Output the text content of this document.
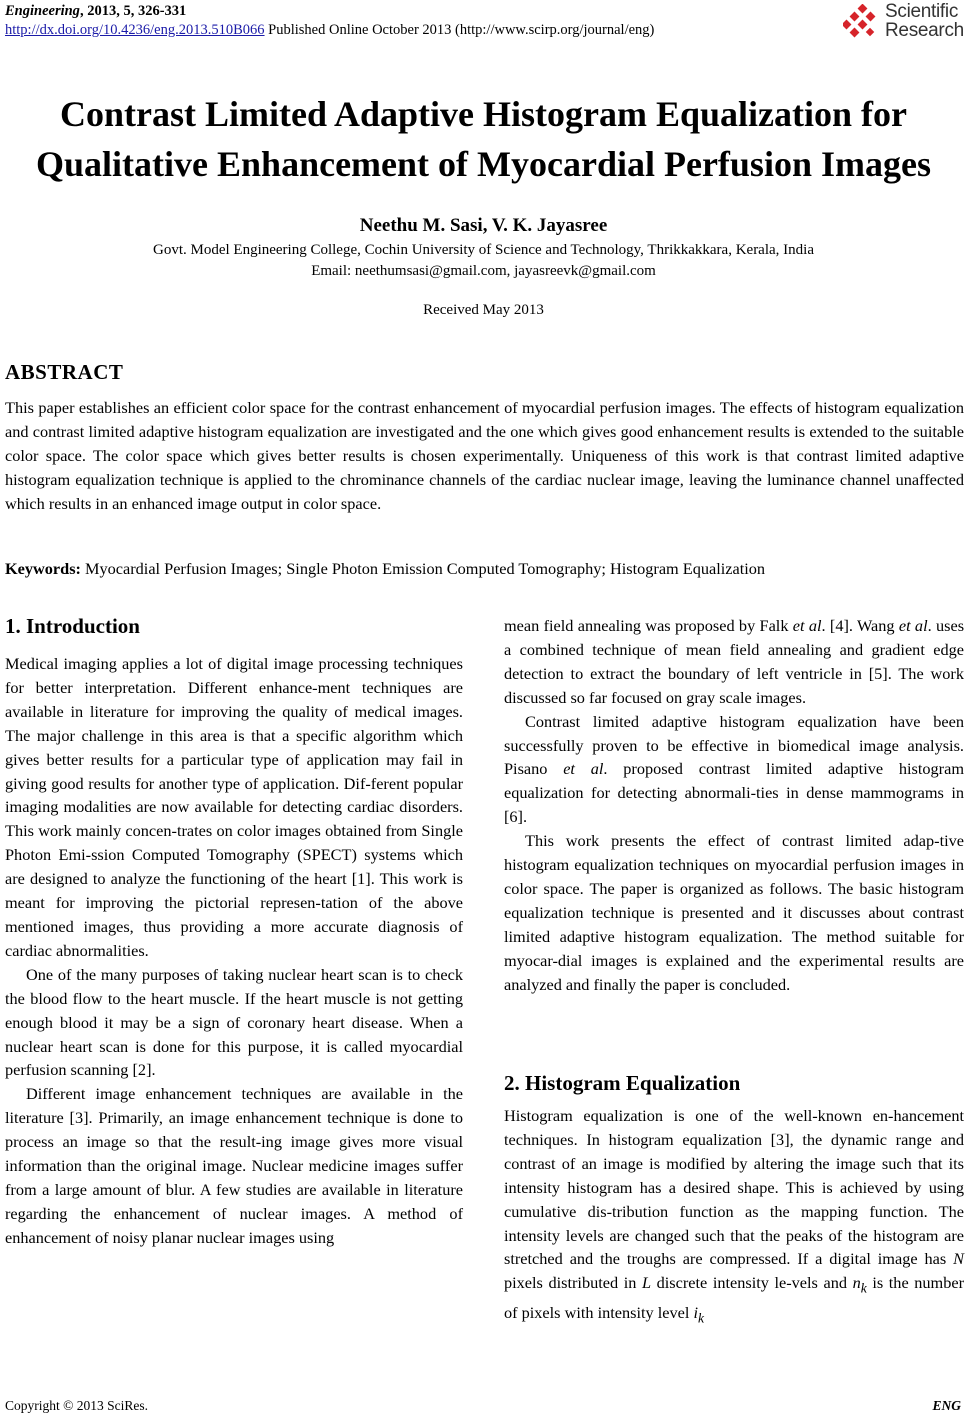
Engineering, 2013, 5, 326-331
http://dx.doi.org/10.4236/eng.2013.510B066 Published Online October 2013 (http://www.scirp.org/journal/eng)
Scientific
Research
Contrast Limited Adaptive Histogram Equalization for
Qualitative Enhancement of Myocardial Perfusion Images
Neethu M. Sasi, V. K. Jayasree
Govt. Model Engineering College, Cochin University of Science and Technology, Thrikkakkara, Kerala, India
Email: neethumsasi@gmail.com, jayasreevk@gmail.com
Received May 2013
ABSTRACT
This paper establishes an efficient color space for the contrast enhancement of myocardial perfusion images. The effects of histogram equalization and contrast limited adaptive histogram equalization are investigated and the one which gives good enhancement results is extended to the suitable color space. The color space which gives better results is chosen experimentally. Uniqueness of this work is that contrast limited adaptive histogram equalization technique is applied to the chrominance channels of the cardiac nuclear image, leaving the luminance channel unaffected which results in an enhanced image output in color space.
Keywords: Myocardial Perfusion Images; Single Photon Emission Computed Tomography; Histogram Equalization
1. Introduction

Medical imaging applies a lot of digital image processing techniques for better interpretation. Different enhance-ment techniques are available in literature for improving the quality of medical images. The major challenge in this area is that a specific algorithm which gives better results for a particular type of application may fail in giving good results for another type of application. Dif-ferent popular imaging modalities are now available for detecting cardiac disorders. This work mainly concen-trates on color images obtained from Single Photon Emi-ssion Computed Tomography (SPECT) systems which are designed to analyze the functioning of the heart [1]. This work is meant for improving the pictorial represen-tation of the above mentioned images, thus providing a more accurate diagnosis of cardiac abnormalities.

One of the many purposes of taking nuclear heart scan is to check the blood flow to the heart muscle. If the heart muscle is not getting enough blood it may be a sign of coronary heart disease. When a nuclear heart scan is done for this purpose, it is called myocardial perfusion scanning [2].

Different image enhancement techniques are available in the literature [3]. Primarily, an image enhancement technique is done to process an image so that the result-ing image gives more visual information than the original image. Nuclear medicine images suffer from a large amount of blur. A few studies are available in literature regarding the enhancement of nuclear images. A method of enhancement of noisy planar nuclear images using

mean field annealing was proposed by Falk et al. [4]. Wang et al. uses a combined technique of mean field annealing and gradient edge detection to extract the boundary of left ventricle in [5]. The work discussed so far focused on gray scale images.

Contrast limited adaptive histogram equalization have been successfully proven to be effective in biomedical image analysis. Pisano et al. proposed contrast limited adaptive histogram equalization for detecting abnormali-ties in dense mammograms in [6].

This work presents the effect of contrast limited adap-tive histogram equalization techniques on myocardial perfusion images in color space. The paper is organized as follows. The basic histogram equalization technique is presented and it discusses about contrast limited adaptive histogram equalization. The method suitable for myocar-dial images is explained and the experimental results are analyzed and finally the paper is concluded.

2. Histogram Equalization

Histogram equalization is one of the well-known en-hancement techniques. In histogram equalization [3], the dynamic range and contrast of an image is modified by altering the image such that its intensity histogram has a desired shape. This is achieved by using cumulative dis-tribution function as the mapping function. The intensity levels are changed such that the peaks of the histogram are stretched and the troughs are compressed. If a digital image has N pixels distributed in L discrete intensity le-vels and $n_k$ is the number of pixels with intensity level $i_k$

Copyright © 2013 SciRes.	ENG
